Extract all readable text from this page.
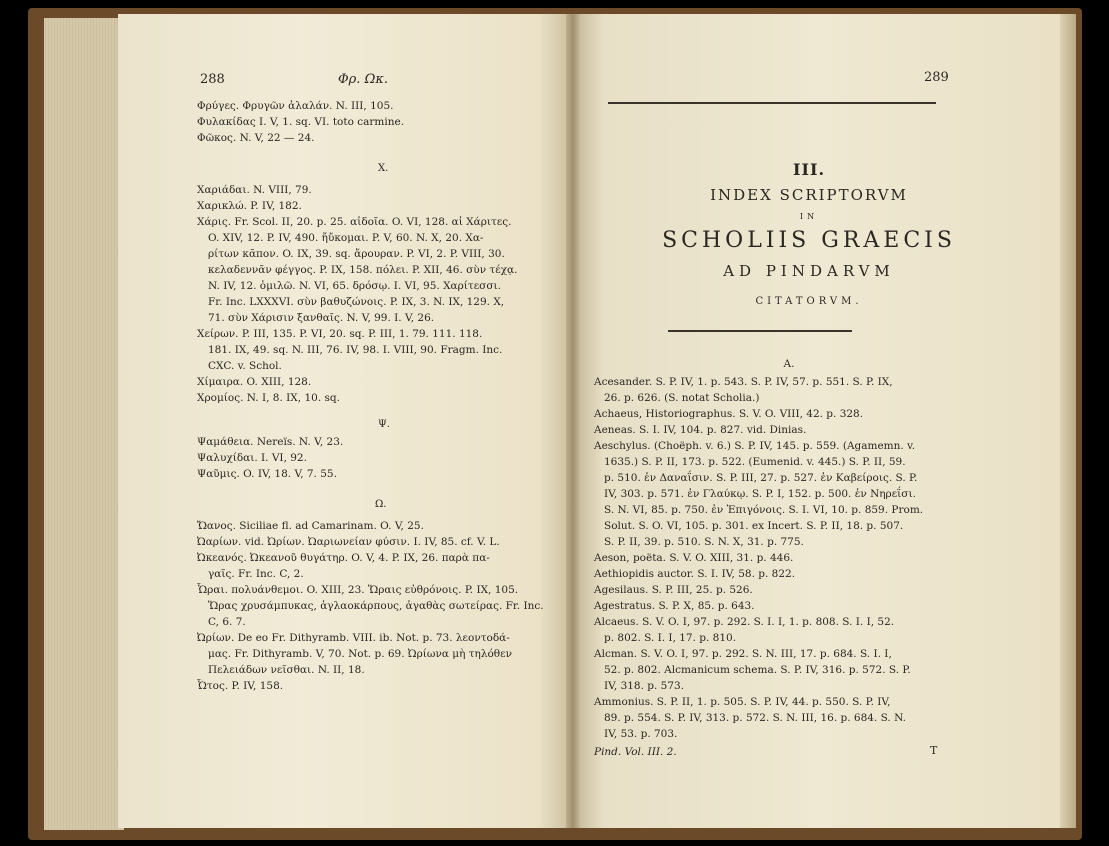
288	Φρ. Ωκ.
Φρύγες. Φρυγῶν ἀλαλάν. N. III, 105.
Φυλακίδας I. V, 1. sq. VI. toto carmine.
Φῶκος. N. V, 22 — 24.
X.
Χαριάδαι. N. VIII, 79.
Χαρικλώ. P. IV, 182.
Χάρις. Fr. Scol. II, 20. p. 25. αἰδοῖα. O. VI, 128. αἱ Χάριτες.
O. XIV, 12. P. IV, 490. ἤὔκομαι. P. V, 60. N. X, 20. Χα-
ρίτων κᾶπον. O. IX, 39. sq. ἄρουραν. P. VI, 2. P. VIII, 30.
κελαδεννᾶν φέγγος. P. IX, 158. πόλει. P. XII, 46. σὺν τέχᾳ.
N. IV, 12. ὁμιλῶ. N. VI, 65. δρόσῳ. I. VI, 95. Χαρίτεσσι.
Fr. Inc. LXXXVI. σὺν βαθυζώνοις. P. IX, 3. N. IX, 129. X,
71. σὺν Χάρισιν ξανθαῖς. N. V, 99. I. V, 26.
Χείρων. P. III, 135. P. VI, 20. sq. P. III, 1. 79. 111. 118.
181. IX, 49. sq. N. III, 76. IV, 98. I. VIII, 90. Fragm. Inc.
CXC. v. Schol.
Χίμαιρα. O. XIII, 128.
Χρομίος. N. I, 8. IX, 10. sq.
Ψ.
Ψαμάθεια. Nereïs. N. V, 23.
Ψαλυχίδαι. I. VI, 92.
Ψαῦμις. O. IV, 18. V, 7. 55.
Ω.
Ὤανος. Siciliae fl. ad Camarinam. O. V, 25.
Ὠαρίων. vid. Ὠρίων. Ὠαριωνείαν φύσιν. I. IV, 85. cf. V. L.
Ὠκεανός. Ὠκεανοῦ θυγάτηρ. O. V, 4. P. IX, 26. παρὰ πα-
γαῖς. Fr. Inc. C, 2.
Ὧραι. πολυάνθεμοι. O. XIII, 23. Ὥραις εὐθρόνοις. P. IX, 105.
Ὥρας χρυσάμπυκας, ἀγλαοκάρπους, ἀγαθὰς σωτείρας. Fr. Inc.
C, 6. 7.
Ὠρίων. De eo Fr. Dithyramb. VIII. ib. Not. p. 73. λεοντοδά-
μας. Fr. Dithyramb. V, 70. Not. p. 69. Ὠρίωνα μὴ τηλόθεν
Πελειάδων νεῖσθαι. N. II, 18.
Ὦτος. P. IV, 158.
289
III.
INDEX SCRIPTORVM
IN
SCHOLIIS GRAECIS
AD PINDARVM
CITATORVM.
A.
Acesander. S. P. IV, 1. p. 543. S. P. IV, 57. p. 551. S. P. IX,
26. p. 626. (S. notat Scholia.)
Achaeus, Historiographus. S. V. O. VIII, 42. p. 328.
Aeneas. S. I. IV, 104. p. 827. vid. Dinias.
Aeschylus. (Choëph. v. 6.) S. P. IV, 145. p. 559. (Agamemn. v.
1635.) S. P. II, 173. p. 522. (Eumenid. v. 445.) S. P. II, 59.
p. 510. ἐν Δαναΐσιν. S. P. III, 27. p. 527. ἐν Καβείροις. S. P.
IV, 303. p. 571. ἐν Γλαύκῳ. S. P. I, 152. p. 500. ἐν Νηρεΐσι.
S. N. VI, 85. p. 750. ἐν Ἐπιγόνοις. S. I. VI, 10. p. 859. Prom.
Solut. S. O. VI, 105. p. 301. ex Incert. S. P. II, 18. p. 507.
S. P. II, 39. p. 510. S. N. X, 31. p. 775.
Aeson, poëta. S. V. O. XIII, 31. p. 446.
Aethiopidis auctor. S. I. IV, 58. p. 822.
Agesilaus. S. P. III, 25. p. 526.
Agestratus. S. P. X, 85. p. 643.
Alcaeus. S. V. O. I, 97. p. 292. S. I. I, 1. p. 808. S. I. I, 52.
p. 802. S. I. I, 17. p. 810.
Alcman. S. V. O. I, 97. p. 292. S. N. III, 17. p. 684. S. I. I,
52. p. 802. Alcmanicum schema. S. P. IV, 316. p. 572. S. P.
IV, 318. p. 573.
Ammonius. S. P. II, 1. p. 505. S. P. IV, 44. p. 550. S. P. IV,
89. p. 554. S. P. IV, 313. p. 572. S. N. III, 16. p. 684. S. N.
IV, 53. p. 703.
Pind. Vol. III. 2.	T
